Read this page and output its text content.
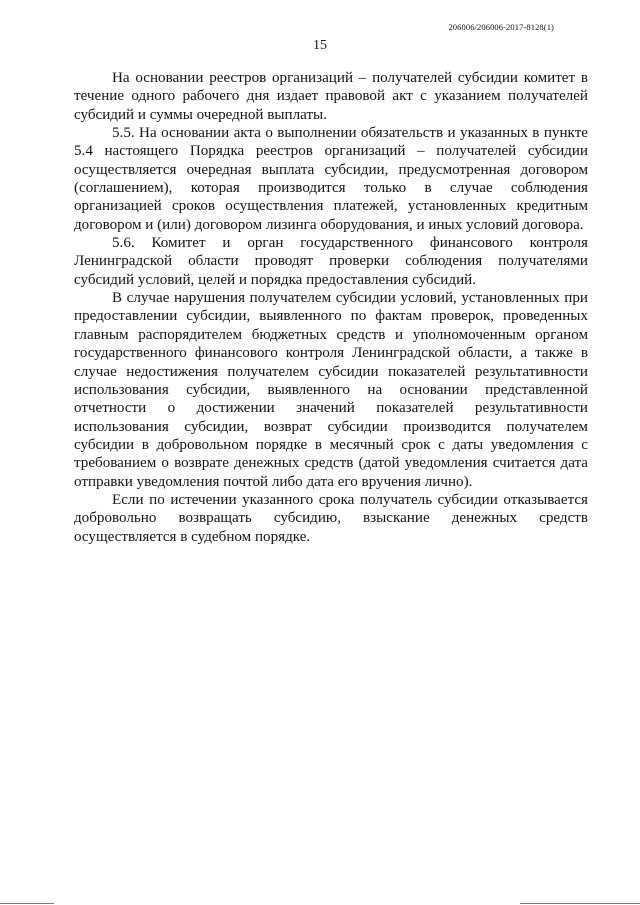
206006/206006-2017-8128(1)
15

На основании реестров организаций – получателей субсидии комитет в течение одного рабочего дня издает правовой акт с указанием получателей субсидий и суммы очередной выплаты.

5.5. На основании акта о выполнении обязательств и указанных в пункте 5.4 настоящего Порядка реестров организаций – получателей субсидии осуществляется очередная выплата субсидии, предусмотренная договором (соглашением), которая производится только в случае соблюдения организацией сроков осуществления платежей, установленных кредитным договором и (или) договором лизинга оборудования, и иных условий договора.

5.6. Комитет и орган государственного финансового контроля Ленинградской области проводят проверки соблюдения получателями субсидий условий, целей и порядка предоставления субсидий.

В случае нарушения получателем субсидии условий, установленных при предоставлении субсидии, выявленного по фактам проверок, проведенных главным распорядителем бюджетных средств и уполномоченным органом государственного финансового контроля Ленинградской области, а также в случае недостижения получателем субсидии показателей результативности использования субсидии, выявленного на основании представленной отчетности о достижении значений показателей результативности использования субсидии, возврат субсидии производится получателем субсидии в добровольном порядке в месячный срок с даты уведомления с требованием о возврате денежных средств (датой уведомления считается дата отправки уведомления почтой либо дата его вручения лично).

Если по истечении указанного срока получатель субсидии отказывается добровольно возвращать субсидию, взыскание денежных средств осуществляется в судебном порядке.
